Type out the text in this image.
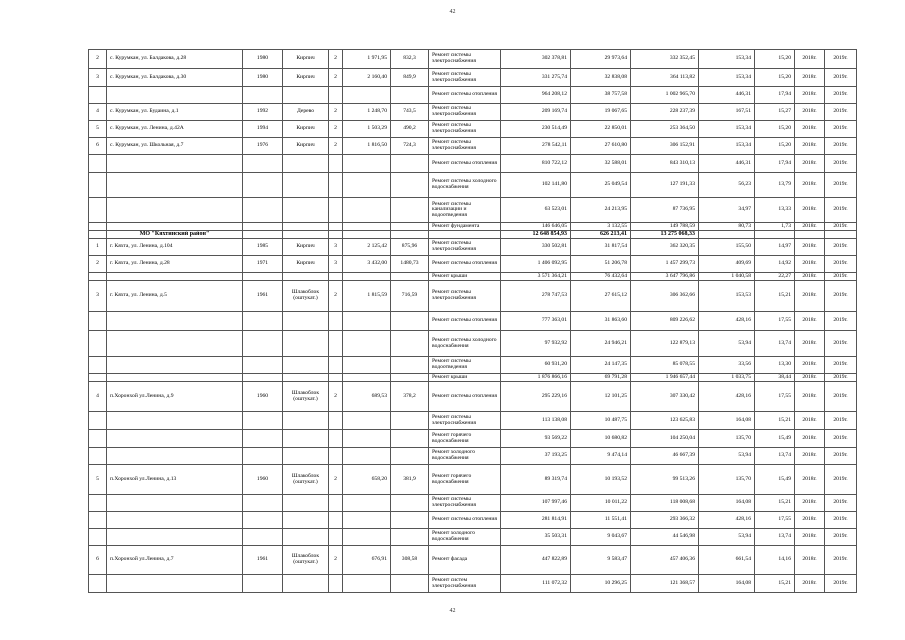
42
2	с. Курумкан, ул. Балдакова, д.28	1980	Кирпич	2	1 971,95	832,3	Ремонт системы электроснабжения	302 378,81	29 973,64	332 352,45	153,34	15,20	2018г.	2019г.
3	с. Курумкан, ул. Балдакова, д.30	1980	Кирпич	2	2 160,40	849,9	Ремонт системы электроснабжения	331 275,74	32 838,08	364 113,82	153,34	15,20	2018г.	2019г.
							Ремонт системы отопления	964 208,12	38 757,58	1 002 965,70	446,31	17,94	2018г.	2019г.
4	с. Курумкан, ул. Будаина, д.1	1992	Дерево	2	1 248,70	743,5	Ремонт системы электроснабжения	209 169,74	19 067,65	228 237,39	167,51	15,27	2018г.	2019г.
5	с. Курумкан, ул. Ленина, д.42А	1994	Кирпич	2	1 503,29	490,2	Ремонт системы электроснабжения	230 514,49	22 850,01	253 364,50	153,34	15,20	2018г.	2019г.
6	с. Курумкан, ул. Школьная, д.7	1976	Кирпич	2	1 816,50	724,3	Ремонт системы электроснабжения	278 542,11	27 610,80	306 152,91	153,34	15,20	2018г.	2019г.
							Ремонт системы отопления	810 722,12	32 588,01	843 310,13	446,31	17,94	2018г.	2019г.
							Ремонт системы холодного водоснабжения	102 141,80	25 049,54	127 191,33	56,23	13,79	2018г.	2019г.
							Ремонт системы канализации и водоотведения	63 523,01	24 213,95	87 736,95	34,97	13,33	2018г.	2019г.
							Ремонт фундамента	146 646,05	3 132,55	149 788,59	80,73	1,73	2018г.	2019г.
	МО "Кяхтинский район"							12 648 854,93	626 213,41	13 275 068,33				
1	г. Кяхта, ул. Ленина, д.104	1985	Кирпич	3	2 125,42	875,96	Ремонт системы электроснабжения	330 502,81	31 817,54	362 320,35	155,50	14,97	2018г.	2019г.
2	г. Кяхта, ул. Ленина, д.28	1971	Кирпич	3	3 432,00	1480,73	Ремонт системы отопления	1 406 092,95	51 206,78	1 457 299,73	409,69	14,92	2018г.	2019г.
							Ремонт крыши	3 571 364,21	76 432,64	3 647 796,86	1 040,58	22,27	2018г.	2019г.
3	г. Кяхта, ул. Ленина, д.5	1961	Шлакоблок (оштукат.)	2	1 815,59	716,59	Ремонт системы электроснабжения	278 747,53	27 615,12	306 362,66	153,53	15,21	2018г.	2019г.
							Ремонт системы отопления	777 363,01	31 863,60	809 226,62	428,16	17,55	2018г.	2019г.
							Ремонт системы холодного водоснабжения	97 932,92	24 946,21	122 879,13	53,94	13,74	2018г.	2019г.
							Ремонт системы водоотведения	60 931,20	24 147,35	85 078,55	33,56	13,30	2018г.	2019г.
							Ремонт крыши	1 876 866,16	69 791,28	1 946 657,44	1 033,75	38,44	2018г.	2019г.
4	п.Хоронхой ул.Ленина, д.9	1960	Шлакоблок (оштукат.)	2	689,53	378,2	Ремонт системы отопления	295 229,16	12 101,25	307 330,42	428,16	17,55	2018г.	2019г.
							Ремонт системы электроснабжения	113 138,08	10 487,75	123 625,83	164,08	15,21	2018г.	2019г.
							Ремонт горячего водоснабжения	93 569,22	10 680,82	104 250,04	135,70	15,49	2018г.	2019г.
							Ремонт холодного водоснабжения	37 193,25	9 474,14	46 667,39	53,94	13,74	2018г.	2019г.
5	п.Хоронхой ул.Ленина, д.13	1960	Шлакоблок (оштукат.)	2	658,20	381,9	Ремонт горячего водоснабжения	89 319,74	10 193,52	99 513,26	135,70	15,49	2018г.	2019г.
							Ремонт системы электроснабжения	107 997,46	10 011,22	118 008,68	164,08	15,21	2018г.	2019г.
							Ремонт системы отопления	281 814,91	11 551,41	293 366,32	428,16	17,55	2018г.	2019г.
							Ремонт холодного водоснабжения	35 503,31	9 043,67	44 546,98	53,94	13,74	2018г.	2019г.
6	п.Хоронхой ул.Ленина, д.7	1961	Шлакоблок (оштукат.)	2	676,91	308,58	Ремонт фасада	447 822,89	9 583,47	457 406,36	661,54	14,16	2018г.	2019г.
							Ремонт систем электроснабжения	111 072,32	10 296,25	121 368,57	164,08	15,21	2018г.	2019г.
42
